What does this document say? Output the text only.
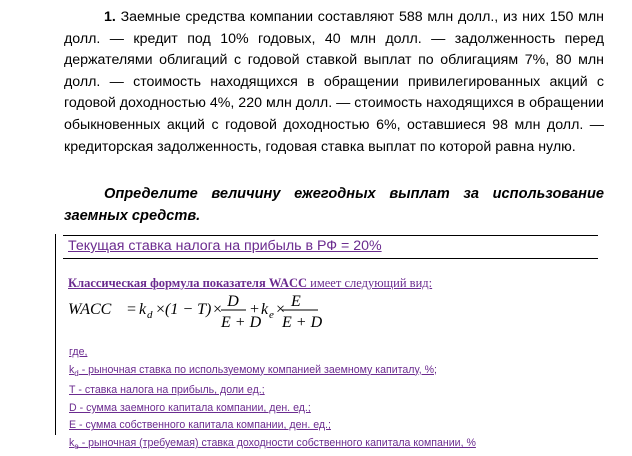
1. Заемные средства компании составляют 588 млн долл., из них 150 млн долл. — кредит под 10% годовых, 40 млн долл. — задолженность перед держателями облигаций с годовой ставкой выплат по облигациям 7%, 80 млн долл. — стоимость находящихся в обращении привилегированных акций с годовой доходностью 4%, 220 млн долл. — стоимость находящихся в обращении обыкновенных акций с годовой доходностью 6%, оставшиеся 98 млн долл. — кредиторская задолженность, годовая ставка выплат по которой равна нулю.

Определите величину ежегодных выплат за использование заемных средств.

Текущая ставка налога на прибыль в РФ = 20%
Классическая формула показателя WACC имеет следующий вид:
WACC = k d × (1 − T) × D
E + D
+ k e × E
E + D
где,
$k_d$ - рыночная ставка по используемому компанией заемному капиталу, %;
Т - ставка налога на прибыль, доли ед.;
D - сумма заемного капитала компании, ден. ед.;
E - сумма собственного капитала компании, ден. ед.;
$k_e$ - рыночная (требуемая) ставка доходности собственного капитала компании, %
